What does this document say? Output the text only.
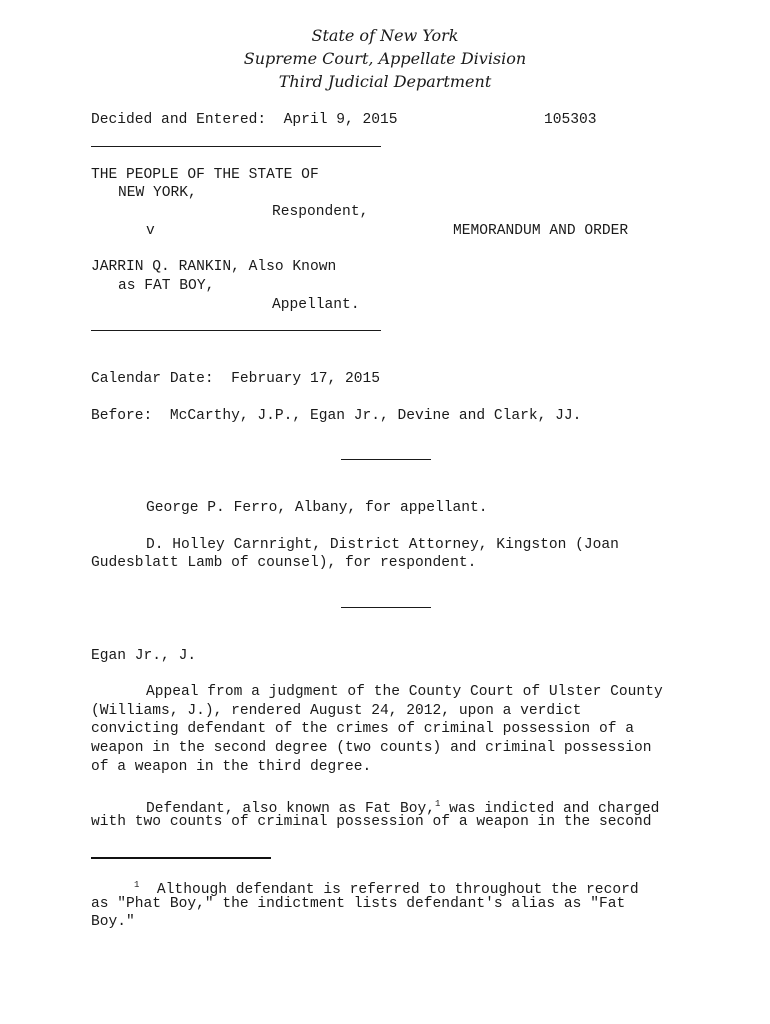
State of New York
Supreme Court, Appellate Division
Third Judicial Department
Decided and Entered:  April 9, 2015	105303
THE PEOPLE OF THE STATE OF
NEW YORK,
Respondent,
v	MEMORANDUM AND ORDER
JARRIN Q. RANKIN, Also Known
as FAT BOY,
Appellant.
Calendar Date:  February 17, 2015
Before:  McCarthy, J.P., Egan Jr., Devine and Clark, JJ.
George P. Ferro, Albany, for appellant.
D. Holley Carnright, District Attorney, Kingston (Joan
Gudesblatt Lamb of counsel), for respondent.
Egan Jr., J.
Appeal from a judgment of the County Court of Ulster County
(Williams, J.), rendered August 24, 2012, upon a verdict
convicting defendant of the crimes of criminal possession of a
weapon in the second degree (two counts) and criminal possession
of a weapon in the third degree.
Defendant, also known as Fat Boy,$^1$ was indicted and charged
with two counts of criminal possession of a weapon in the second
$^1$  Although defendant is referred to throughout the record
as "Phat Boy," the indictment lists defendant's alias as "Fat
Boy."
